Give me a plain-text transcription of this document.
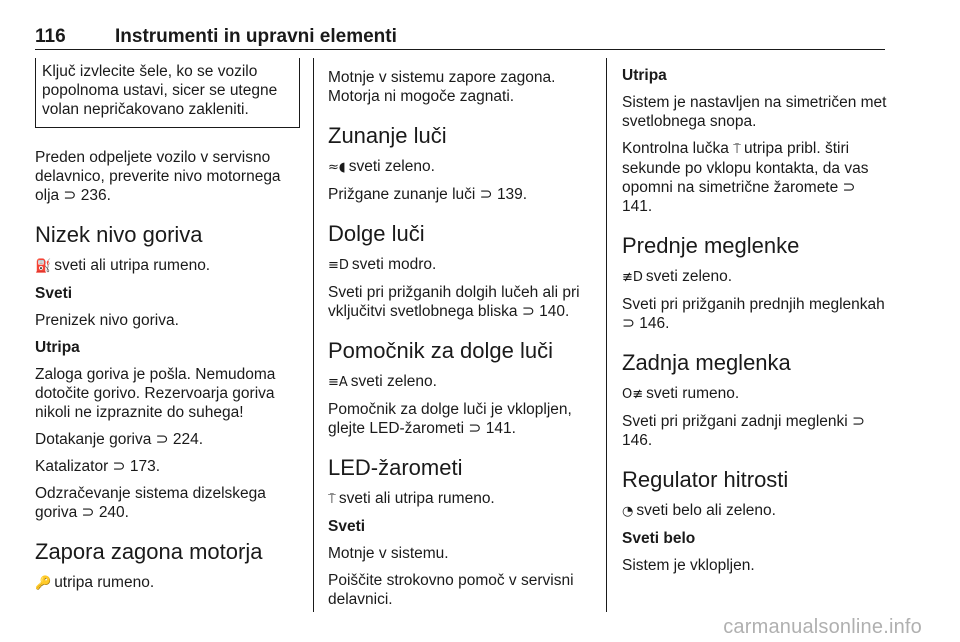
116	Instrumenti in upravni elementi
Ključ izvlecite šele, ko se vozilo popolnoma ustavi, sicer se utegne volan nepričakovano zakleniti.

Preden odpeljete vozilo v servisno delavnico, preverite nivo motornega olja ⊃ 236.

Nizek nivo goriva

⛽ sveti ali utripa rumeno.

Sveti

Prenizek nivo goriva.

Utripa

Zaloga goriva je pošla. Nemudoma dotočite gorivo. Rezervoarja goriva nikoli ne izpraznite do suhega!

Dotakanje goriva ⊃ 224.

Katalizator ⊃ 173.

Odzračevanje sistema dizelskega goriva ⊃ 240.

Zapora zagona motorja

🔑 utripa rumeno.

Motnje v sistemu zapore zagona. Motorja ni mogoče zagnati.

Zunanje luči

≈◖ sveti zeleno.

Prižgane zunanje luči ⊃ 139.

Dolge luči

≡D sveti modro.

Sveti pri prižganih dolgih lučeh ali pri vključitvi svetlobnega bliska ⊃ 140.

Pomočnik za dolge luči

≡A sveti zeleno.

Pomočnik za dolge luči je vklopljen, glejte LED-žarometi ⊃ 141.

LED-žarometi

⍑ sveti ali utripa rumeno.

Sveti

Motnje v sistemu.

Poiščite strokovno pomoč v servisni delavnici.

Utripa

Sistem je nastavljen na simetričen met svetlobnega snopa.

Kontrolna lučka ⍑ utripa pribl. štiri sekunde po vklopu kontakta, da vas opomni na simetrične žaromete ⊃ 141.

Prednje meglenke

≢D sveti zeleno.

Sveti pri prižganih prednjih meglenkah ⊃ 146.

Zadnja meglenka

O≢ sveti rumeno.

Sveti pri prižgani zadnji meglenki ⊃ 146.

Regulator hitrosti

◔ sveti belo ali zeleno.

Sveti belo

Sistem je vklopljen.

carmanualsonline.info
